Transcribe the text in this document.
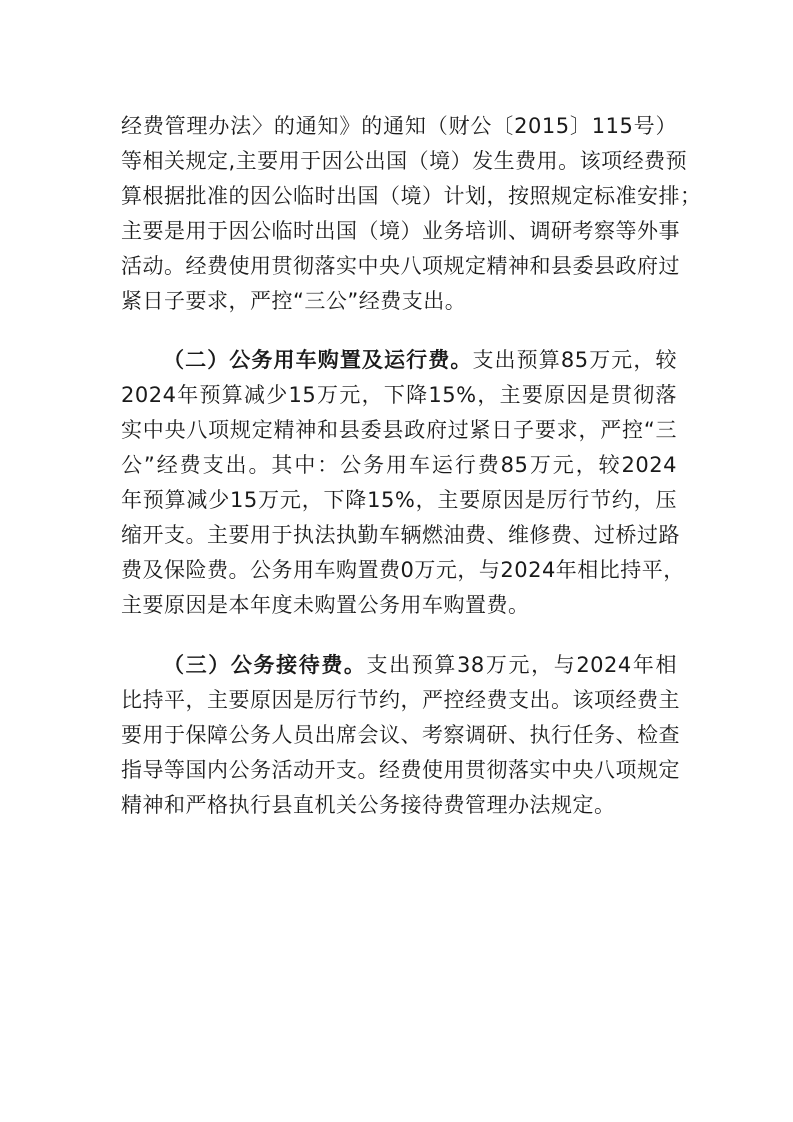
经费管理办法〉的通知》的通知（财公〔2015〕115号）
等相关规定,主要用于因公出国（境）发生费用。该项经费预
算根据批准的因公临时出国（境）计划，按照规定标准安排；
主要是用于因公临时出国（境）业务培训、调研考察等外事
活动。经费使用贯彻落实中央八项规定精神和县委县政府过
紧日子要求，严控“三公”经费支出。
（二）公务用车购置及运行费。支出预算85万元，较
2024年预算减少15万元，下降15%，主要原因是贯彻落
实中央八项规定精神和县委县政府过紧日子要求，严控“三
公”经费支出。其中：公务用车运行费85万元，较2024
年预算减少15万元，下降15%，主要原因是厉行节约，压
缩开支。主要用于执法执勤车辆燃油费、维修费、过桥过路
费及保险费。公务用车购置费0万元，与2024年相比持平，
主要原因是本年度未购置公务用车购置费。
（三）公务接待费。支出预算38万元，与2024年相
比持平，主要原因是厉行节约，严控经费支出。该项经费主
要用于保障公务人员出席会议、考察调研、执行任务、检查
指导等国内公务活动开支。经费使用贯彻落实中央八项规定
精神和严格执行县直机关公务接待费管理办法规定。
